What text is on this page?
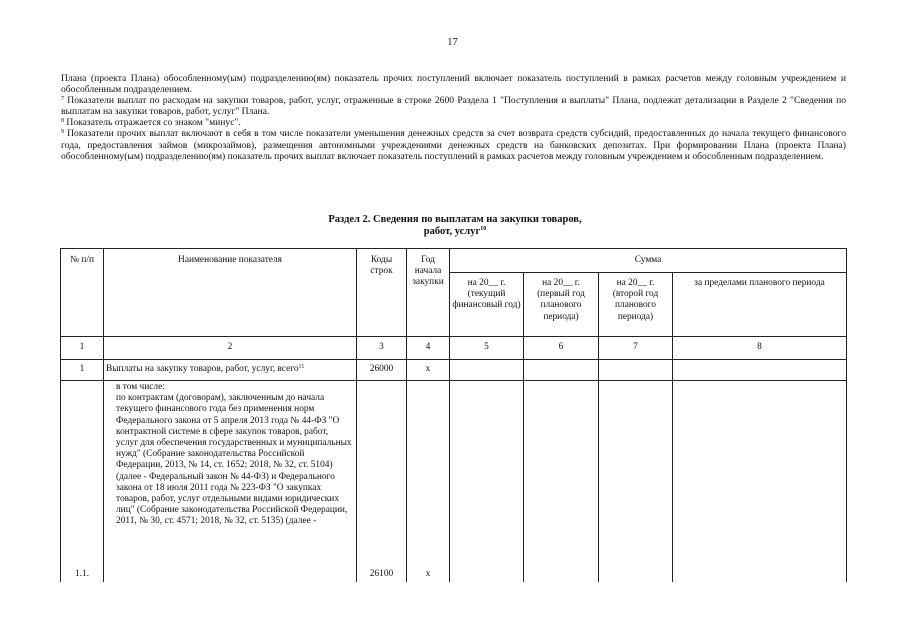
17

Плана (проекта Плана) обособленному(ым) подразделению(ям) показатель прочих поступлений включает показатель поступлений в рамках расчетов между головным учреждением и обособленным подразделением.

$^7$ Показатели выплат по расходам на закупки товаров, работ, услуг, отраженные в строке 2600 Раздела 1 "Поступления и выплаты" Плана, подлежат детализации в Разделе 2 "Сведения по выплатам на закупки товаров, работ, услуг" Плана.

$^8$ Показатель отражается со знаком "минус".

$^9$ Показатели прочих выплат включают в себя в том числе показатели уменьшения денежных средств за счет возврата средств субсидий, предоставленных до начала текущего финансового года, предоставления займов (микрозаймов), размещения автономными учреждениями денежных средств на банковских депозитах. При формировании Плана (проекта Плана) обособленному(ым) подразделению(ям) показатель прочих выплат включает показатель поступлений в рамках расчетов между головным учреждением и обособленным подразделением.

Раздел 2. Сведения по выплатам на закупки товаров,
работ, услуг$^{10}$
№ п/п	Наименование показателя	Коды строк	Год начала закупки	Сумма			
				на 20__ г. (текущий финансовый год)	на 20__ г. (первый год планового периода)	на 20__ г. (второй год планового периода)	за пределами планового периода
1	2	3	4	5	6	7	8
1	Выплаты на закупку товаров, работ, услуг, всего$^{11}$	26000	x				
1.1.	в том числе:
по контрактам (договорам), заключенным до начала текущего финансового года без применения норм Федерального закона от 5 апреля 2013 года № 44-ФЗ "О контрактной системе в сфере закупок товаров, работ, услуг для обеспечения государственных и муниципальных нужд" (Собрание законодательства Российской Федерации, 2013, № 14, ст. 1652; 2018, № 32, ст. 5104) (далее - Федеральный закон № 44-ФЗ) и Федерального закона от 18 июля 2011 года № 223-ФЗ "О закупках товаров, работ, услуг отдельными видами юридических лиц" (Собрание законодательства Российской Федерации, 2011, № 30, ст. 4571; 2018, № 32, ст. 5135) (далее -	26100	x				
